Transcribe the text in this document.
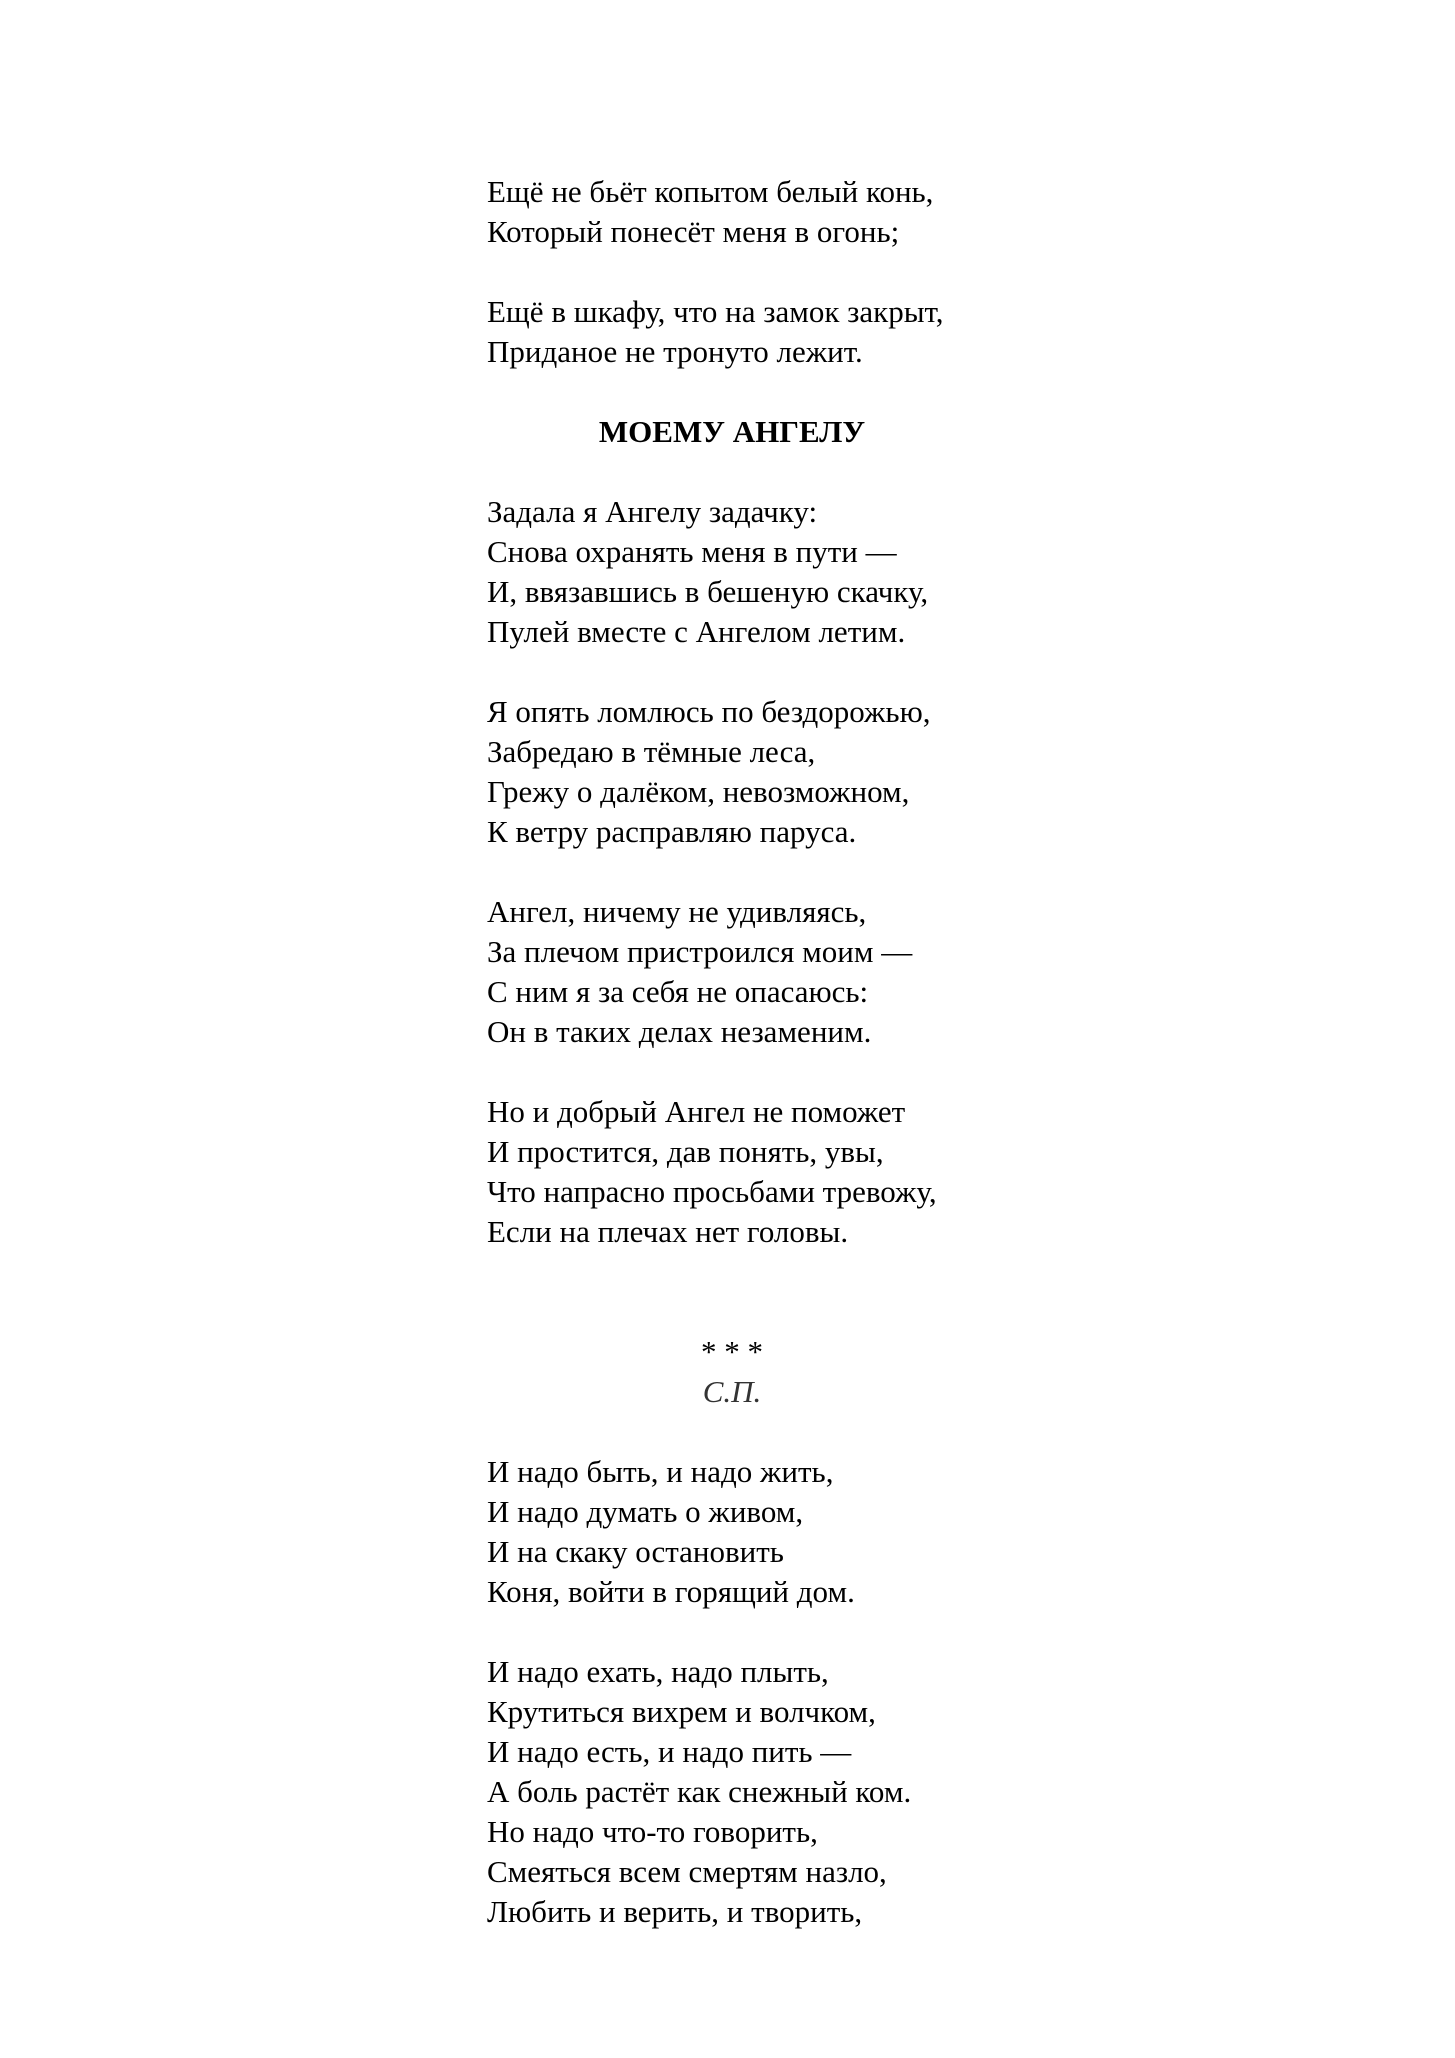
Ещё не бьёт копытом белый конь,
Который понесёт меня в огонь;
Ещё в шкафу, что на замок закрыт,
Приданое не тронуто лежит.
МОЕМУ АНГЕЛУ
Задала я Ангелу задачку:
Снова охранять меня в пути —
И, ввязавшись в бешеную скачку,
Пулей вместе с Ангелом летим.
Я опять ломлюсь по бездорожью,
Забредаю в тёмные леса,
Грежу о далёком, невозможном,
К ветру расправляю паруса.
Ангел, ничему не удивляясь,
За плечом пристроился моим —
С ним я за себя не опасаюсь:
Он в таких делах незаменим.
Но и добрый Ангел не поможет
И простится, дав понять, увы,
Что напрасно просьбами тревожу,
Если на плечах нет головы.
* * *
С.П.
И надо быть, и надо жить,
И надо думать о живом,
И на скаку остановить
Коня, войти в горящий дом.
И надо ехать, надо плыть,
Крутиться вихрем и волчком,
И надо есть, и надо пить —
А боль растёт как снежный ком.
Но надо что-то говорить,
Смеяться всем смертям назло,
Любить и верить, и творить,
